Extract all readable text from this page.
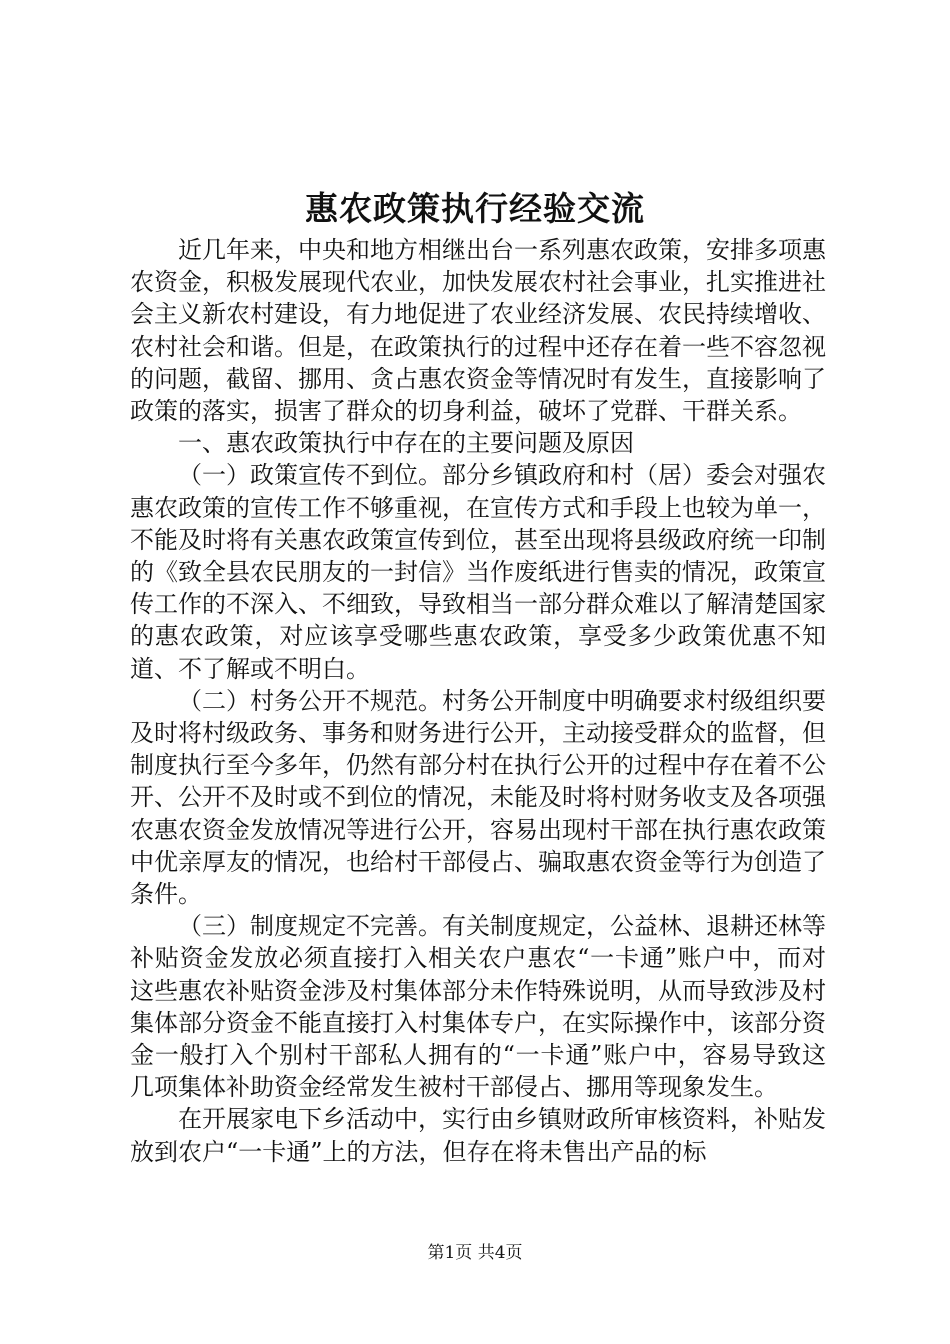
惠农政策执行经验交流

近几年来，中央和地方相继出台一系列惠农政策，安排多项惠农资金，积极发展现代农业，加快发展农村社会事业，扎实推进社会主义新农村建设，有力地促进了农业经济发展、农民持续增收、农村社会和谐。但是，在政策执行的过程中还存在着一些不容忽视的问题，截留、挪用、贪占惠农资金等情况时有发生，直接影响了政策的落实，损害了群众的切身利益，破坏了党群、干群关系。

一、惠农政策执行中存在的主要问题及原因

（一）政策宣传不到位。部分乡镇政府和村（居）委会对强农惠农政策的宣传工作不够重视，在宣传方式和手段上也较为单一，不能及时将有关惠农政策宣传到位，甚至出现将县级政府统一印制的《致全县农民朋友的一封信》当作废纸进行售卖的情况，政策宣传工作的不深入、不细致，导致相当一部分群众难以了解清楚国家的惠农政策，对应该享受哪些惠农政策，享受多少政策优惠不知道、不了解或不明白。

（二）村务公开不规范。村务公开制度中明确要求村级组织要及时将村级政务、事务和财务进行公开，主动接受群众的监督，但制度执行至今多年，仍然有部分村在执行公开的过程中存在着不公开、公开不及时或不到位的情况，未能及时将村财务收支及各项强农惠农资金发放情况等进行公开，容易出现村干部在执行惠农政策中优亲厚友的情况，也给村干部侵占、骗取惠农资金等行为创造了条件。

（三）制度规定不完善。有关制度规定，公益林、退耕还林等补贴资金发放必须直接打入相关农户惠农“一卡通”账户中，而对这些惠农补贴资金涉及村集体部分未作特殊说明，从而导致涉及村集体部分资金不能直接打入村集体专户，在实际操作中，该部分资金一般打入个别村干部私人拥有的“一卡通”账户中，容易导致这几项集体补助资金经常发生被村干部侵占、挪用等现象发生。

在开展家电下乡活动中，实行由乡镇财政所审核资料，补贴发放到农户“一卡通”上的方法，但存在将未售出产品的标

第1页 共4页
